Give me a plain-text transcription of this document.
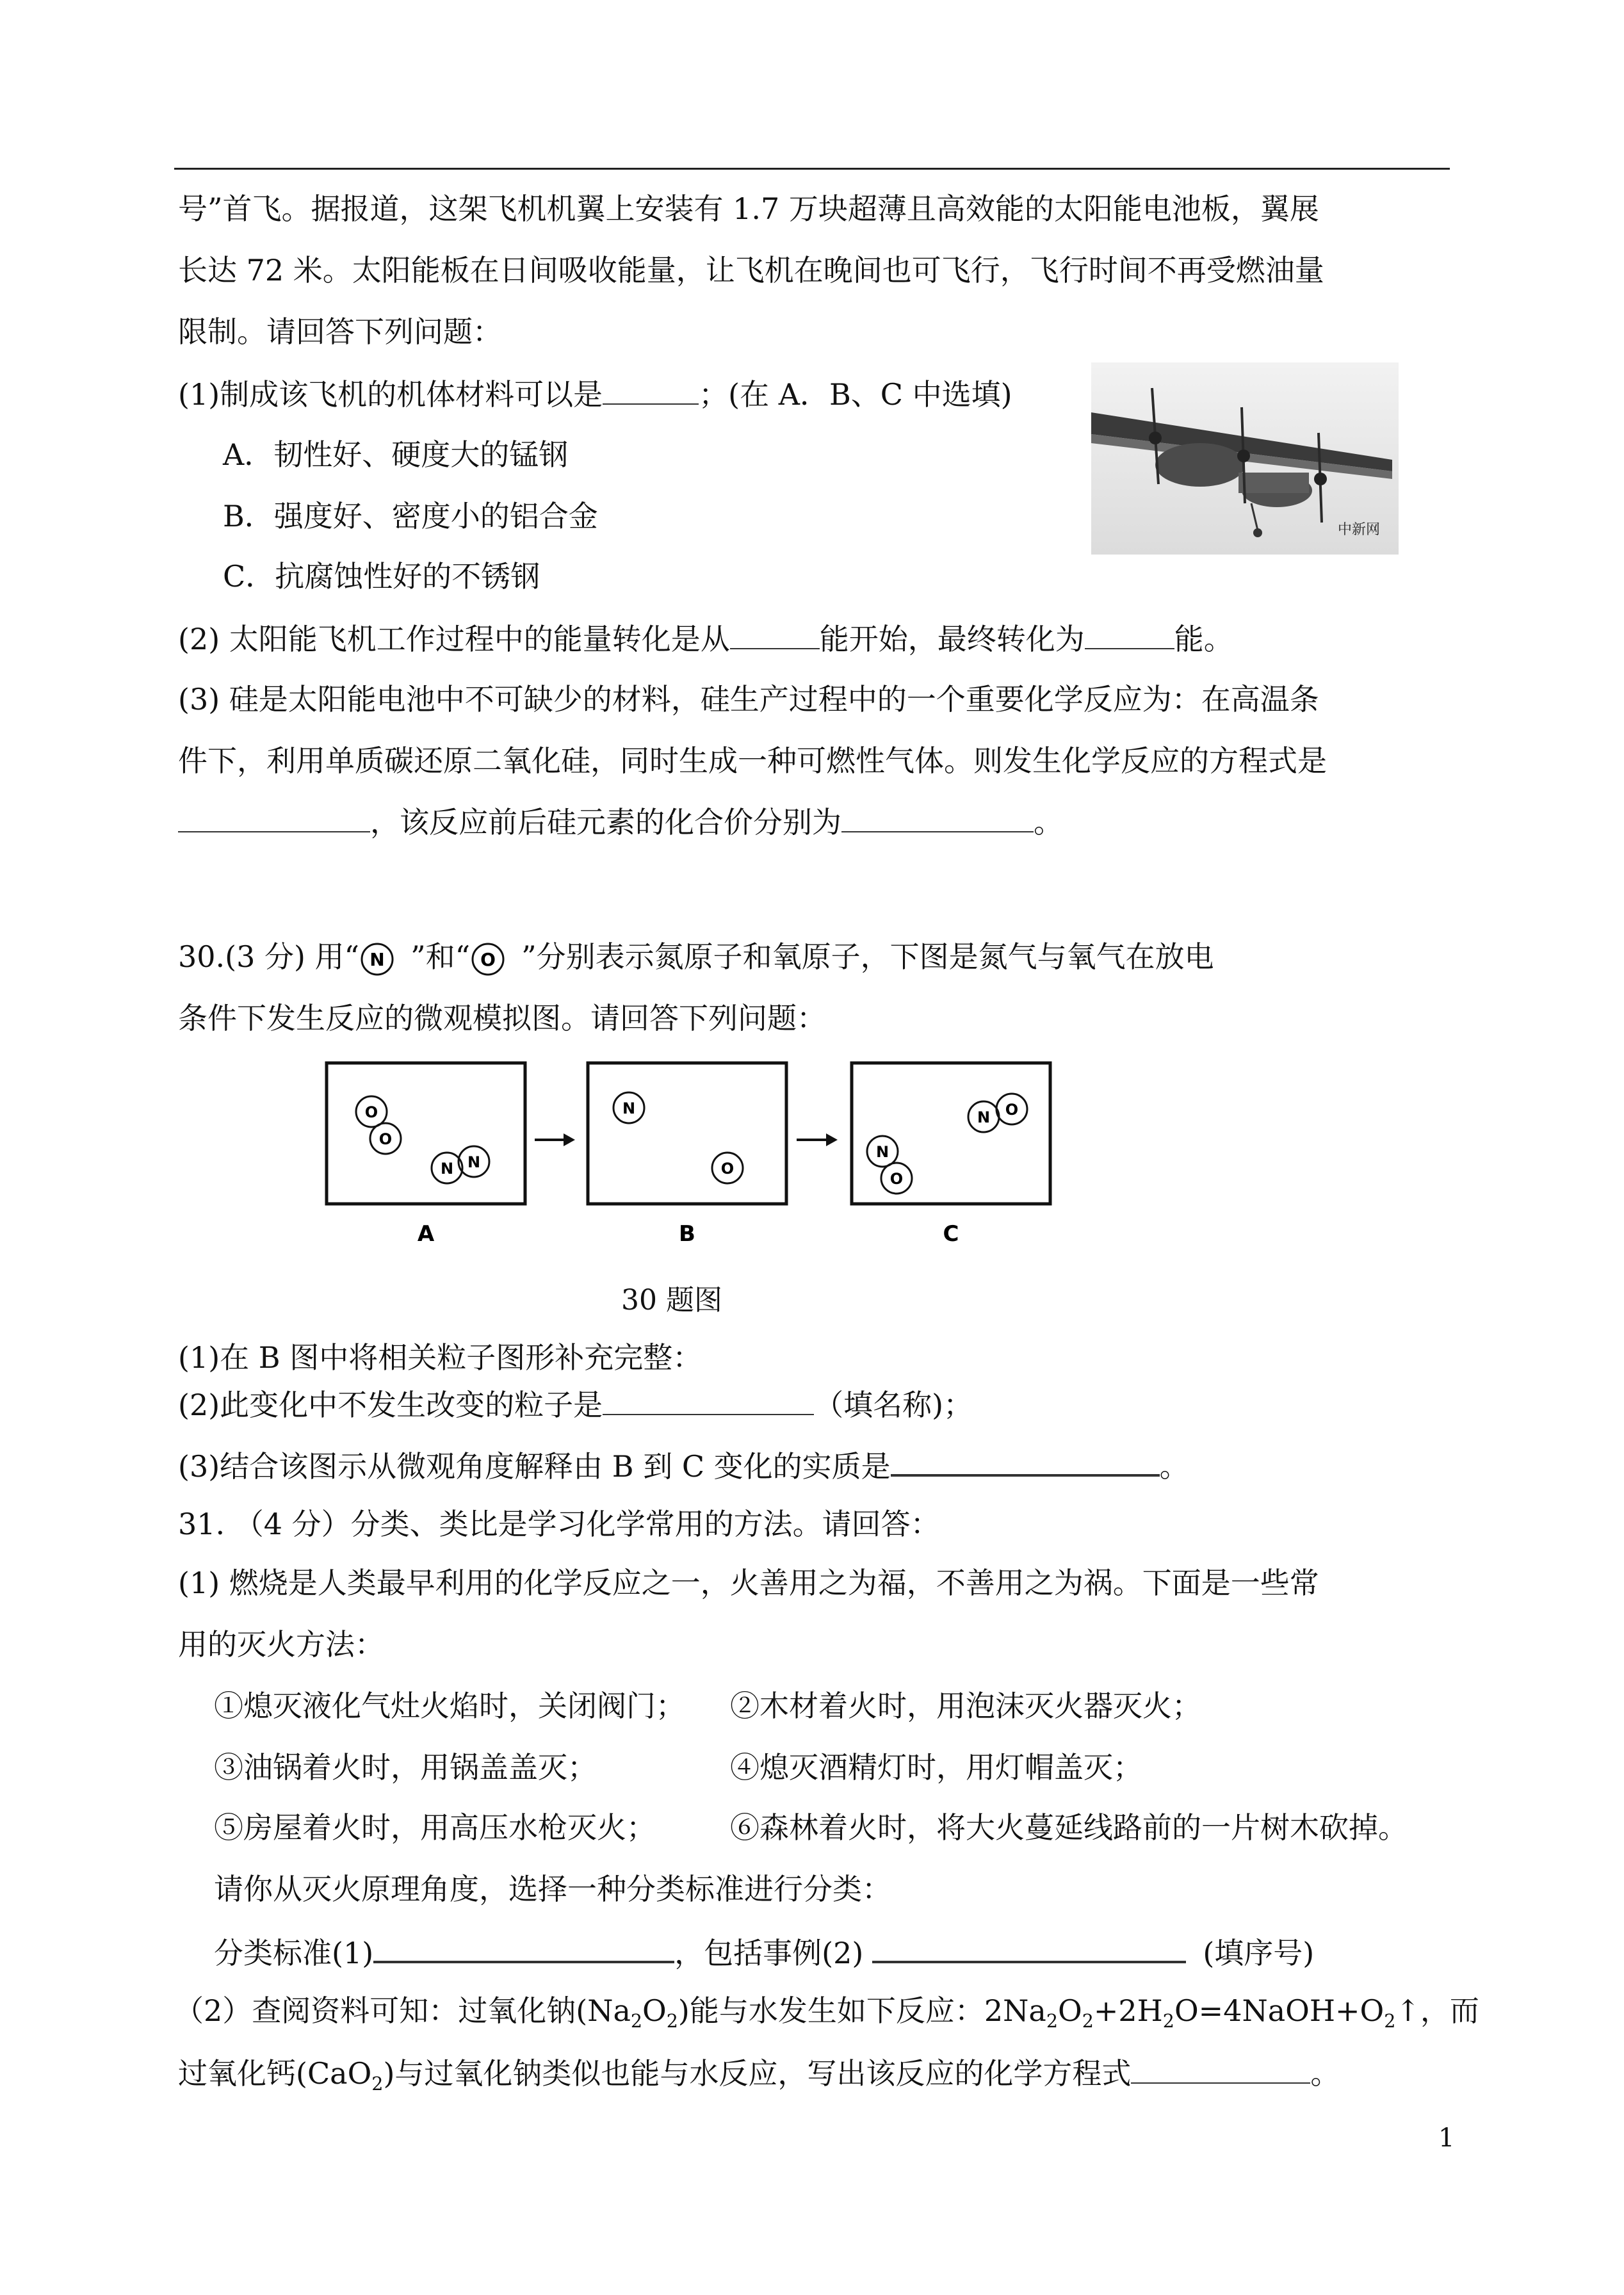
号”首飞。据报道，这架飞机机翼上安装有 1.7 万块超薄且高效能的太阳能电池板，翼展
长达 72 米。太阳能板在日间吸收能量，让飞机在晚间也可飞行，飞行时间不再受燃油量
限制。请回答下列问题：
(1)制成该飞机的机体材料可以是	；(在 A．B、C 中选填)
A．韧性好、硬度大的锰钢
B．强度好、密度小的铝合金
C．抗腐蚀性好的不锈钢
中新网
(2) 太阳能飞机工作过程中的能量转化是从	能开始，最终转化为	能。
(3) 硅是太阳能电池中不可缺少的材料，硅生产过程中的一个重要化学反应为：在高温条
件下，利用单质碳还原二氧化硅，同时生成一种可燃性气体。则发生化学反应的方程式是
，该反应前后硅元素的化合价分别为	。
30.(3 分) 用“ N ”和“ O ”分别表示氮原子和氧原子，下图是氮气与氧气在放电
条件下发生反应的微观模拟图。请回答下列问题：
O
O
N N
A
N
O
B
N
O
N O
C
30 题图
(1)在 B 图中将相关粒子图形补充完整：
(2)此变化中不发生改变的粒子是	（填名称)；
(3)结合该图示从微观角度解释由 B 到 C 变化的实质是	。
31. （4 分）分类、类比是学习化学常用的方法。请回答：
(1) 燃烧是人类最早利用的化学反应之一，火善用之为福，不善用之为祸。下面是一些常
用的灭火方法：
①熄灭液化气灶火焰时，关闭阀门； ②木材着火时，用泡沫灭火器灭火；
③油锅着火时，用锅盖盖灭；	④熄灭酒精灯时，用灯帽盖灭；
⑤房屋着火时，用高压水枪灭火；	⑥森林着火时，将大火蔓延线路前的一片树木砍掉。
请你从灭火原理角度，选择一种分类标准进行分类：
分类标准(1)	，包括事例(2)	(填序号)
（2）查阅资料可知：过氧化钠$(Na_2O_2)$能与水发生如下反应：$2Na_2O_2+2H_2O=4NaOH+O_2↑$，而
过氧化钙(CaO$_2$)与过氧化钠类似也能与水反应，写出该反应的化学方程式	。
1
